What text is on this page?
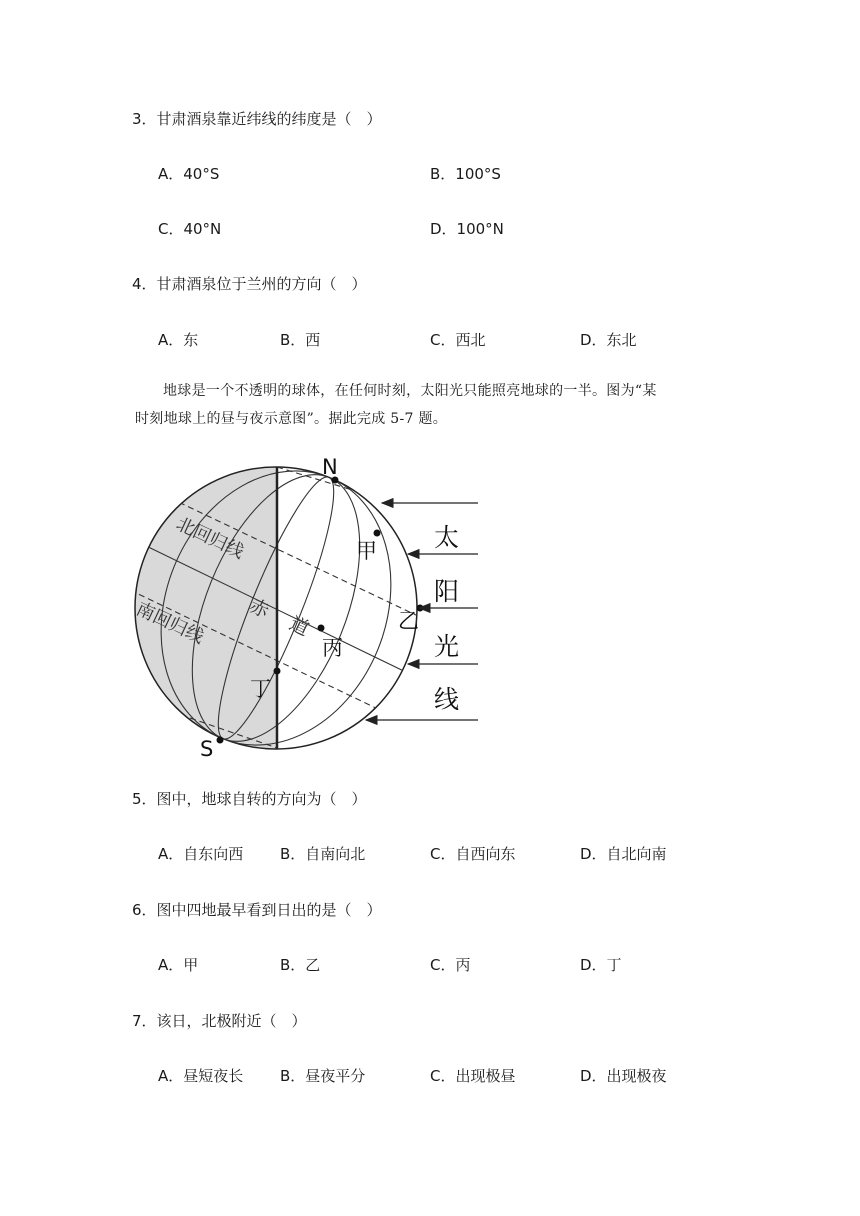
3．甘肃酒泉靠近纬线的纬度是（　）
A．40°S	B．100°S
C．40°N	D．100°N
4．甘肃酒泉位于兰州的方向（　）
A．东	B．西	C．西北	D．东北
地球是一个不透明的球体，在任何时刻，太阳光只能照亮地球的一半。图为“某
时刻地球上的昼与夜示意图”。据此完成 5-7 题。
N
S
北回归线
南回归线 赤
道
甲
乙
丙
丁
太
阳
光
线
5．图中，地球自转的方向为（　）
A．自东向西 B．自南向北	C．自西向东	D．自北向南
6．图中四地最早看到日出的是（　）
A．甲	B．乙	C．丙	D．丁
7．该日，北极附近（　）
A．昼短夜长 B．昼夜平分	C．出现极昼	D．出现极夜
